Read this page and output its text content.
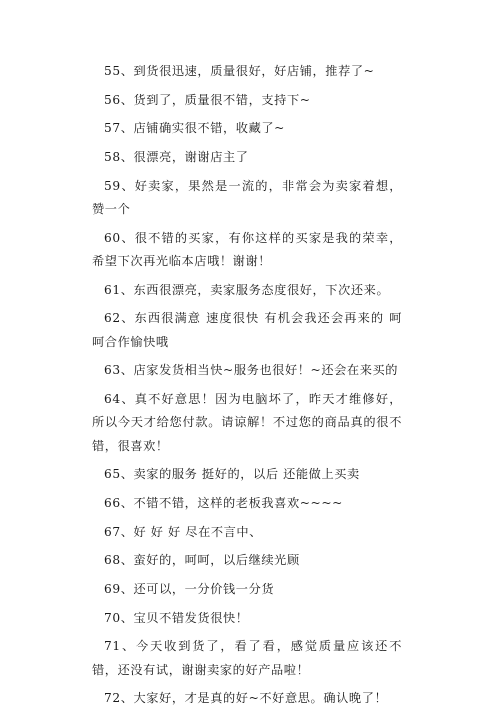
55、到货很迅速，质量很好，好店铺，推荐了~

56、货到了，质量很不错，支持下~

57、店铺确实很不错，收藏了~

58、很漂亮，谢谢店主了

59、好卖家，果然是一流的，非常会为卖家着想，赞一个

60、很不错的买家，有你这样的买家是我的荣幸，希望下次再光临本店哦！谢谢！

61、东西很漂亮，卖家服务态度很好，下次还来。

62、东西很满意 速度很快 有机会我还会再来的 呵呵合作愉快哦

63、店家发货相当快~服务也很好！~还会在来买的

64、真不好意思！因为电脑坏了，昨天才维修好，所以今天才给您付款。请谅解！不过您的商品真的很不错，很喜欢！

65、卖家的服务 挺好的，以后 还能做上买卖

66、不错不错，这样的老板我喜欢~~~~

67、好 好 好 尽在不言中、

68、蛮好的，呵呵，以后继续光顾

69、还可以，一分价钱一分货

70、宝贝不错发货很快！

71、今天收到货了，看了看，感觉质量应该还不错，还没有试，谢谢卖家的好产品啦！

72、大家好，才是真的好~不好意思。确认晚了！
